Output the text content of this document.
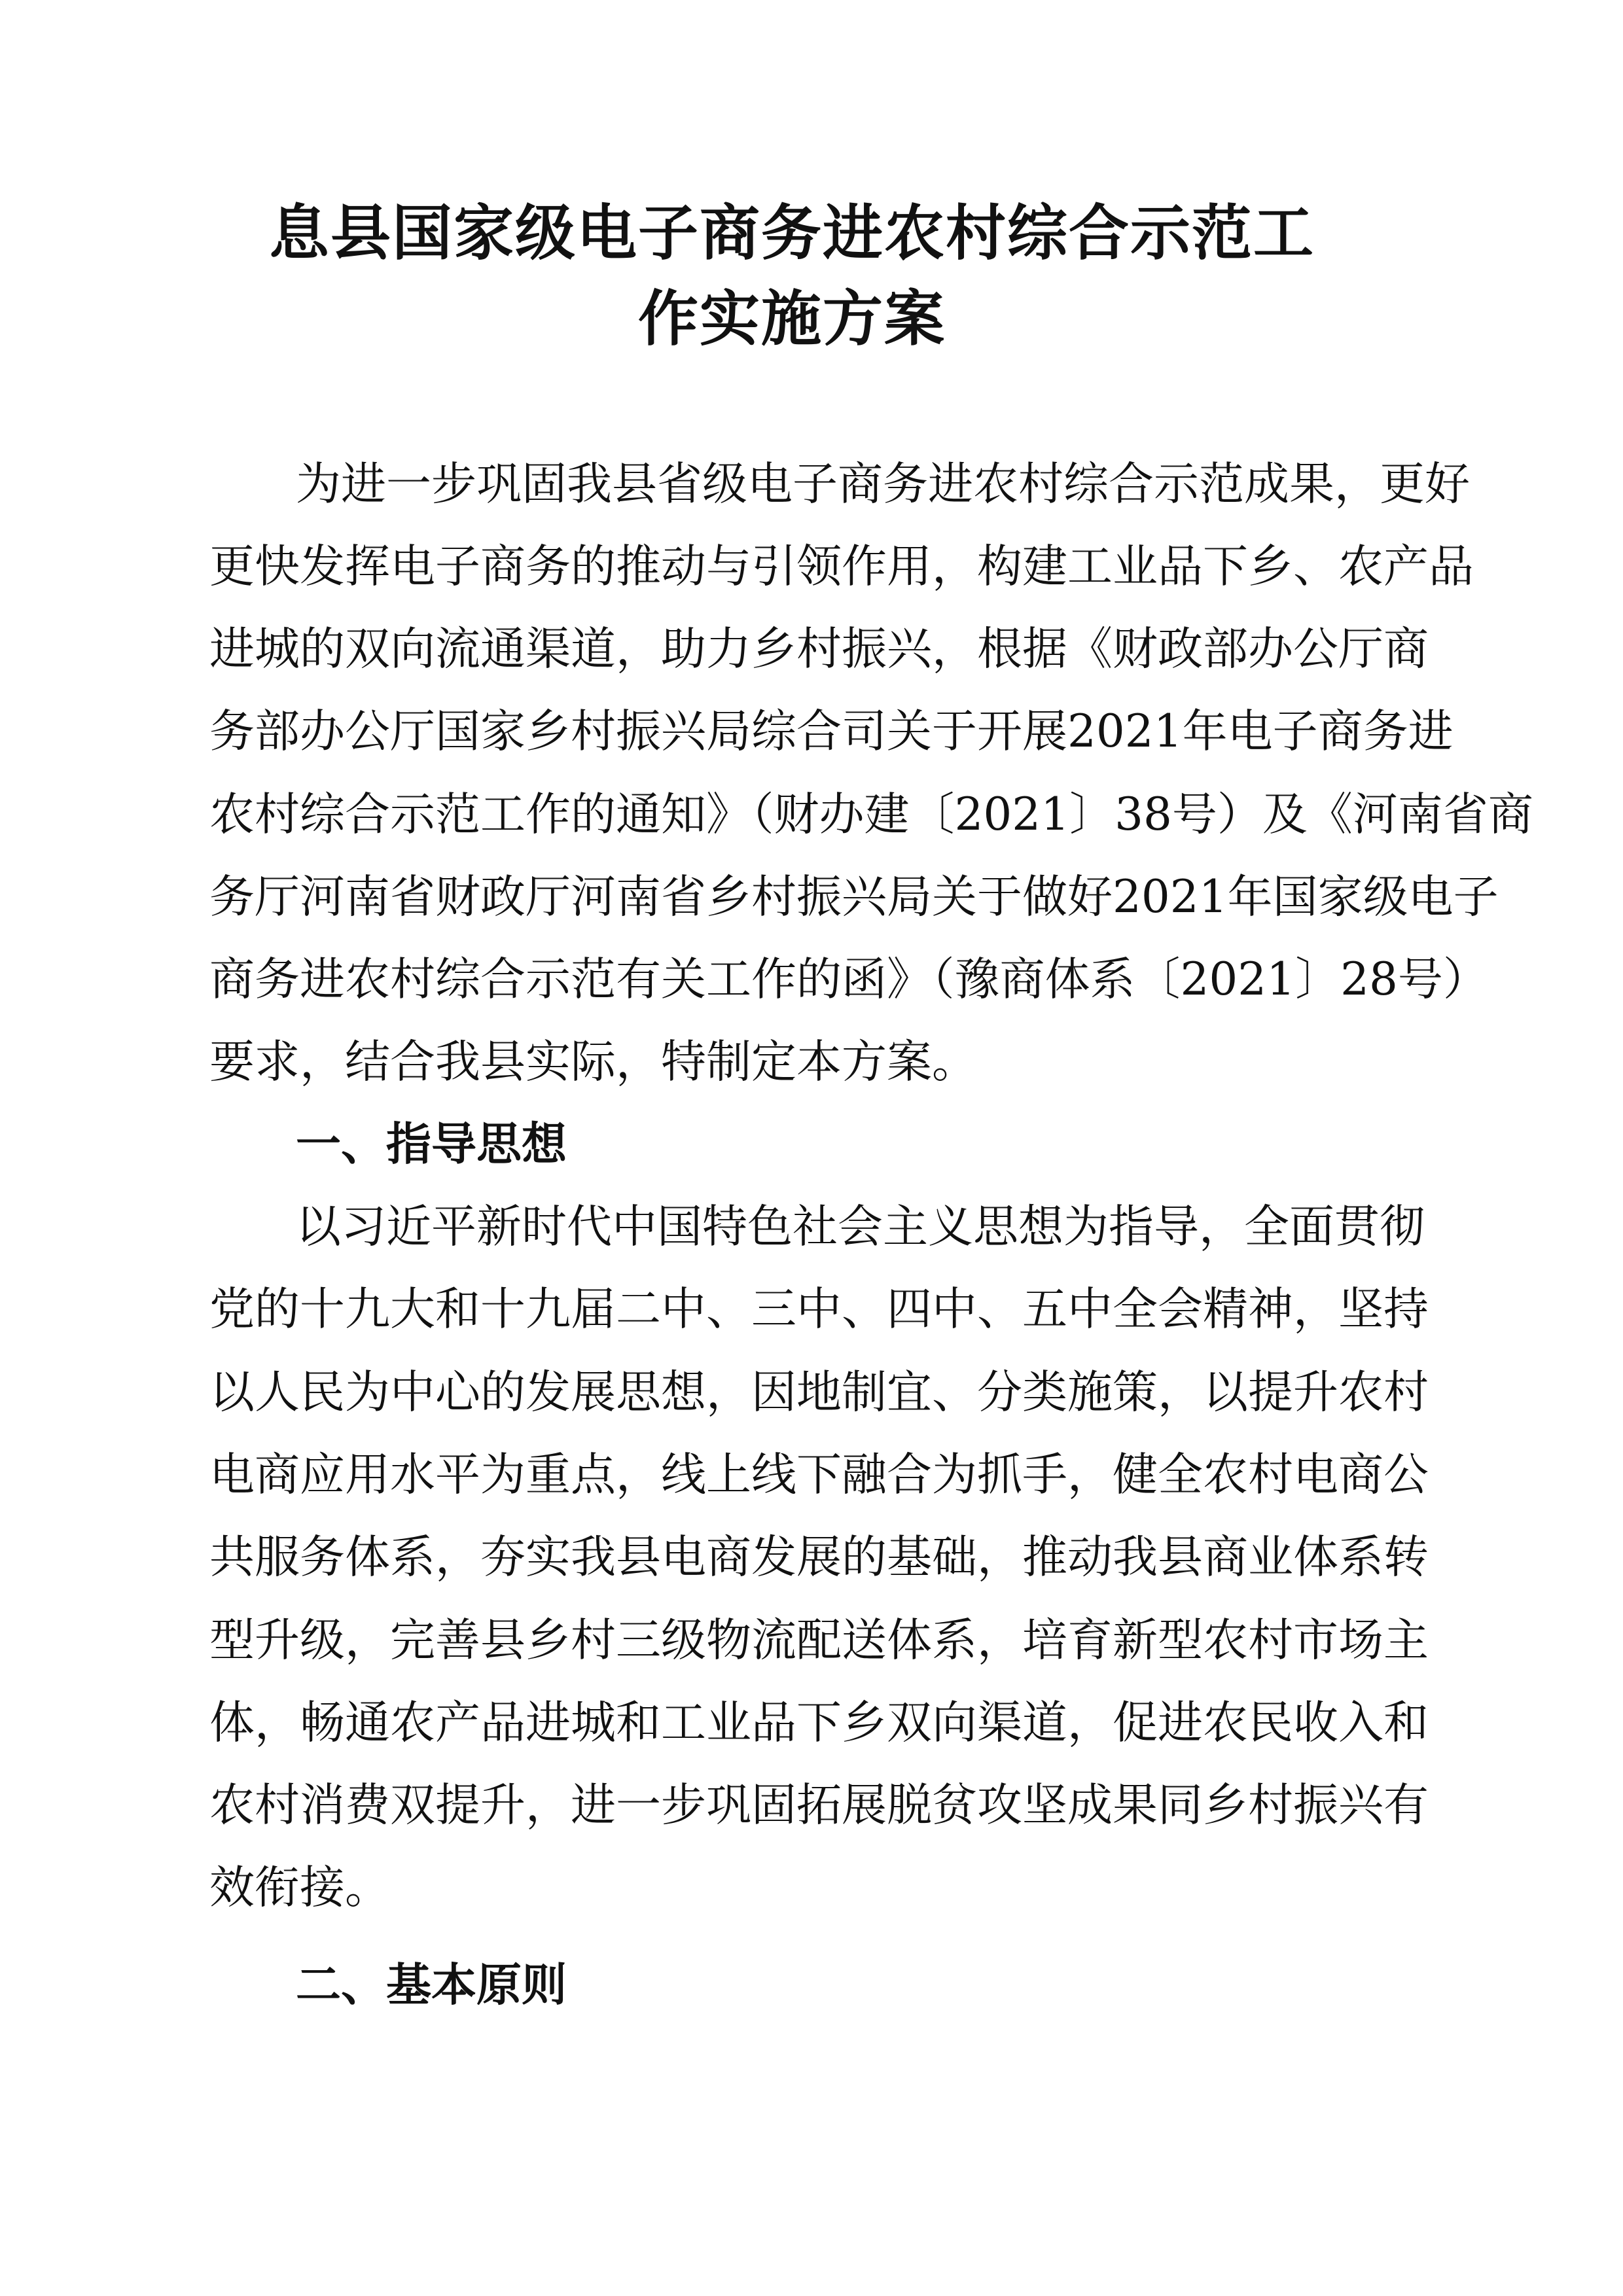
息县国家级电子商务进农村综合示范工
作实施方案

为进一步巩固我县省级电子商务进农村综合示范成果，更好

更快发挥电子商务的推动与引领作用，构建工业品下乡、农产品

进城的双向流通渠道，助力乡村振兴，根据《财政部办公厅商

务部办公厅国家乡村振兴局综合司关于开展2021年电子商务进

农村综合示范工作的通知》（财办建〔2021〕38号）及《河南省商

务厅河南省财政厅河南省乡村振兴局关于做好2021年国家级电子

商务进农村综合示范有关工作的函》（豫商体系〔2021〕28号）

要求，结合我县实际，特制定本方案。

一、指导思想

以习近平新时代中国特色社会主义思想为指导，全面贯彻

党的十九大和十九届二中、三中、四中、五中全会精神，坚持

以人民为中心的发展思想，因地制宜、分类施策，以提升农村

电商应用水平为重点，线上线下融合为抓手，健全农村电商公

共服务体系，夯实我县电商发展的基础，推动我县商业体系转

型升级，完善县乡村三级物流配送体系，培育新型农村市场主

体，畅通农产品进城和工业品下乡双向渠道，促进农民收入和

农村消费双提升，进一步巩固拓展脱贫攻坚成果同乡村振兴有

效衔接。

二、基本原则
